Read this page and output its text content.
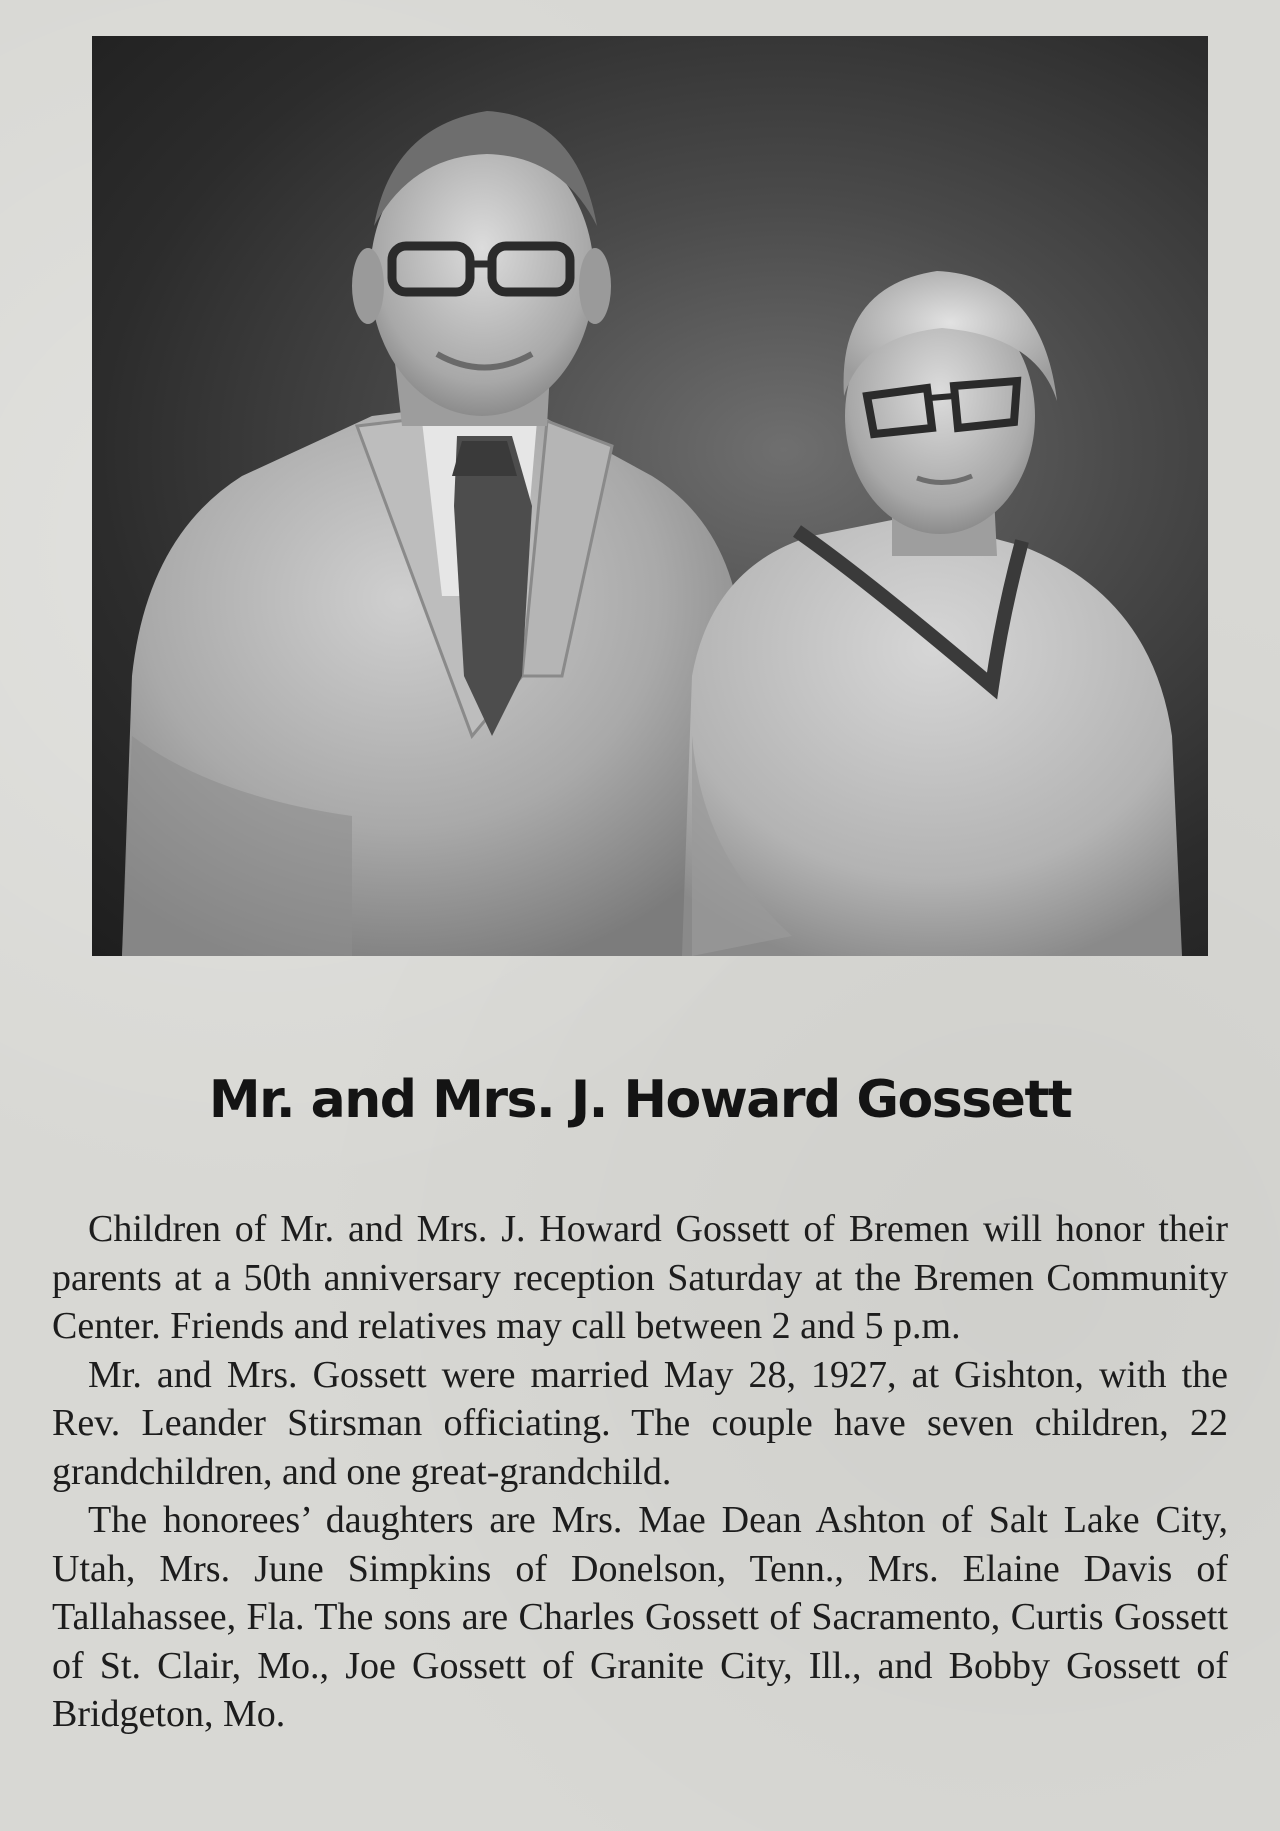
Mr. and Mrs. J. Howard Gossett

Children of Mr. and Mrs. J. Howard Gossett of Bremen will honor their parents at a 50th anniversary reception Saturday at the Bremen Community Center. Friends and relatives may call between 2 and 5 p.m.

Mr. and Mrs. Gossett were married May 28, 1927, at Gishton, with the Rev. Leander Stirsman officiating. The couple have seven children, 22 grandchildren, and one great-grandchild.

The honorees’ daughters are Mrs. Mae Dean Ashton of Salt Lake City, Utah, Mrs. June Simpkins of Donelson, Tenn., Mrs. Elaine Davis of Tallahassee, Fla. The sons are Charles Gossett of Sacramento, Curtis Gossett of St. Clair, Mo., Joe Gossett of Granite City, Ill., and Bobby Gossett of Bridgeton, Mo.
